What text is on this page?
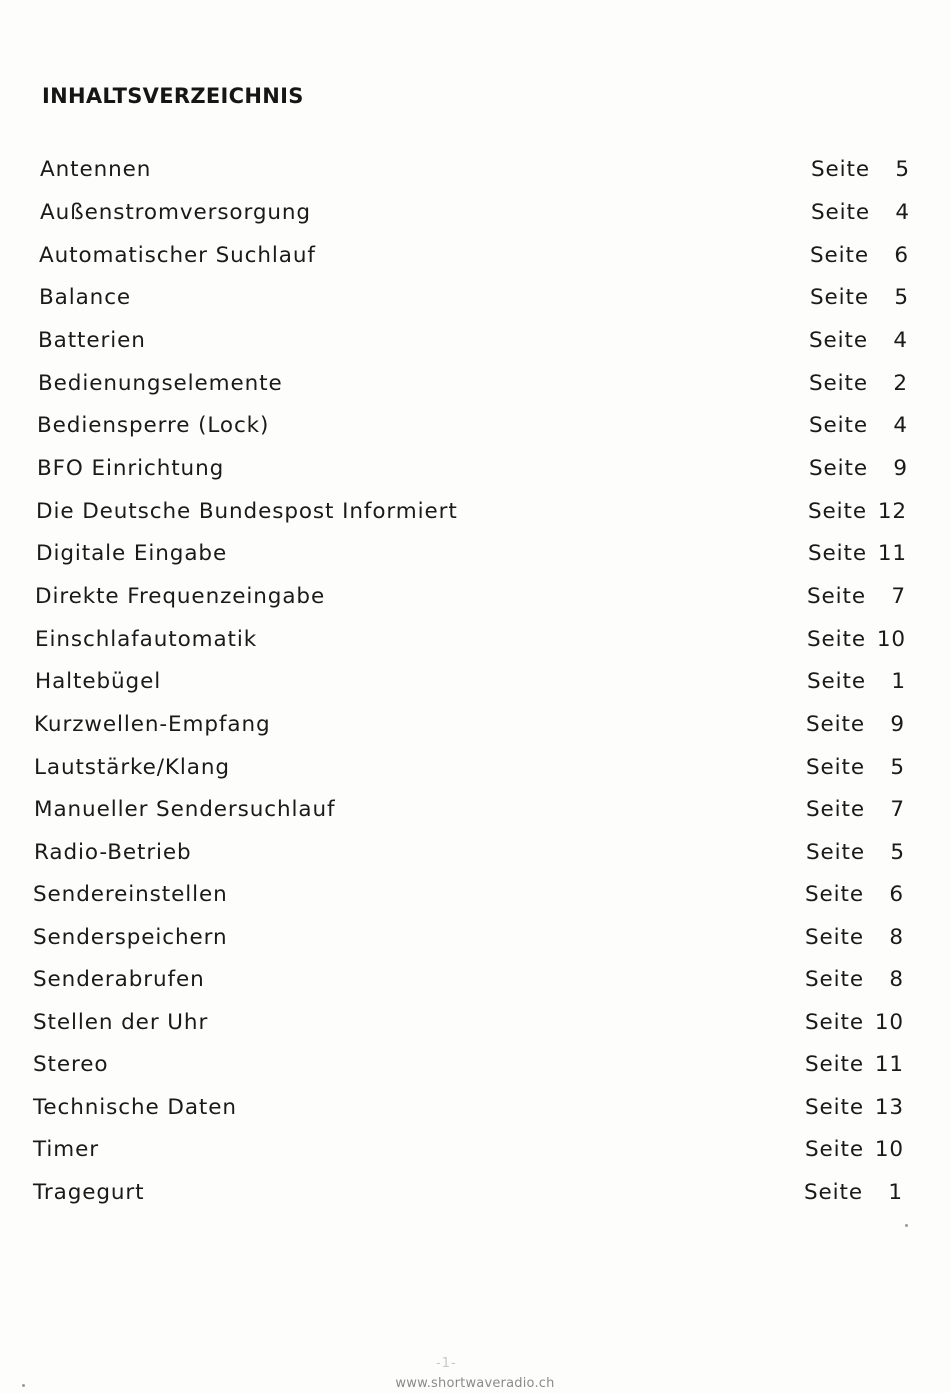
INHALTSVERZEICHNIS
Antennen	Seite	5
Außenstromversorgung	Seite	4
Automatischer Suchlauf	Seite	6
Balance	Seite	5
Batterien	Seite	4
Bedienungselemente	Seite	2
Bediensperre (Lock)	Seite	4
BFO Einrichtung	Seite	9
Die Deutsche Bundespost Informiert	Seite 12
Digitale Eingabe	Seite 11
Direkte Frequenzeingabe	Seite	7
Einschlafautomatik	Seite 10
Haltebügel	Seite	1
Kurzwellen-Empfang	Seite	9
Lautstärke/Klang	Seite	5
Manueller Sendersuchlauf	Seite	7
Radio-Betrieb	Seite	5
Sendereinstellen	Seite	6
Senderspeichern	Seite	8
Senderabrufen	Seite	8
Stellen der Uhr	Seite 10
Stereo	Seite 11
Technische Daten	Seite 13
Timer	Seite 10
Tragegurt	Seite	1
-1-
www.shortwaveradio.ch
